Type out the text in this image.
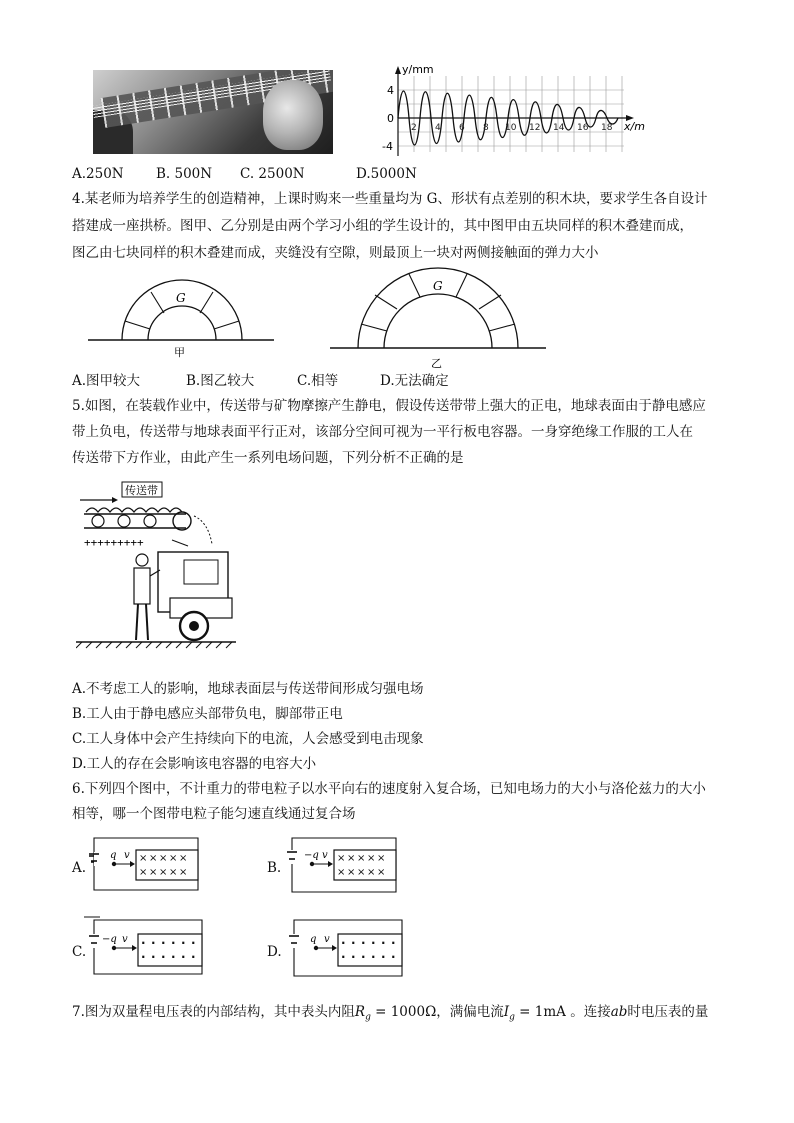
y/mm
x/m
4
0
-4
2 4 6 8 10 12 14 16 18
A.250N B. 500N C. 2500N	D.5000N
4.某老师为培养学生的创造精神，上课时购来一些重量均为 G、形状有点差别的积木块，要求学生各自设计
搭建成一座拱桥。图甲、乙分别是由两个学习小组的学生设计的，其中图甲由五块同样的积木叠建而成，
图乙由七块同样的积木叠建而成，夹缝没有空隙，则最顶上一块对两侧接触面的弹力大小
G
甲
G
乙
A.图甲较大	B.图乙较大	C.相等	D.无法确定
5.如图，在装载作业中，传送带与矿物摩擦产生静电，假设传送带带上强大的正电，地球表面由于静电感应
带上负电，传送带与地球表面平行正对，该部分空间可视为一平行板电容器。一身穿绝缘工作服的工人在
传送带下方作业，由此产生一系列电场问题，下列分析不正确的是
传送带
+++++++++
A.不考虑工人的影响，地球表面层与传送带间形成匀强电场
B.工人由于静电感应头部带负电，脚部带正电
C.工人身体中会产生持续向下的电流，人会感受到电击现象
D.工人的存在会影响该电容器的电容大小
6.下列四个图中，不计重力的带电粒子以水平向右的速度射入复合场，已知电场力的大小与洛伦兹力的大小
相等，哪一个图带电粒子能匀速直线通过复合场
A.
× × × × ×
× × × × ×
q v
B.
× × × × ×
× × × × ×
−q v
C.
· · · · · ·
· · · · · ·
−q v
D.
· · · · · ·
· · · · · ·
q v
7.图为双量程电压表的内部结构，其中表头内阻$R_g = 1000\Omega$，满偏电流$I_g = 1mA$ 。连接ab时电压表的量
